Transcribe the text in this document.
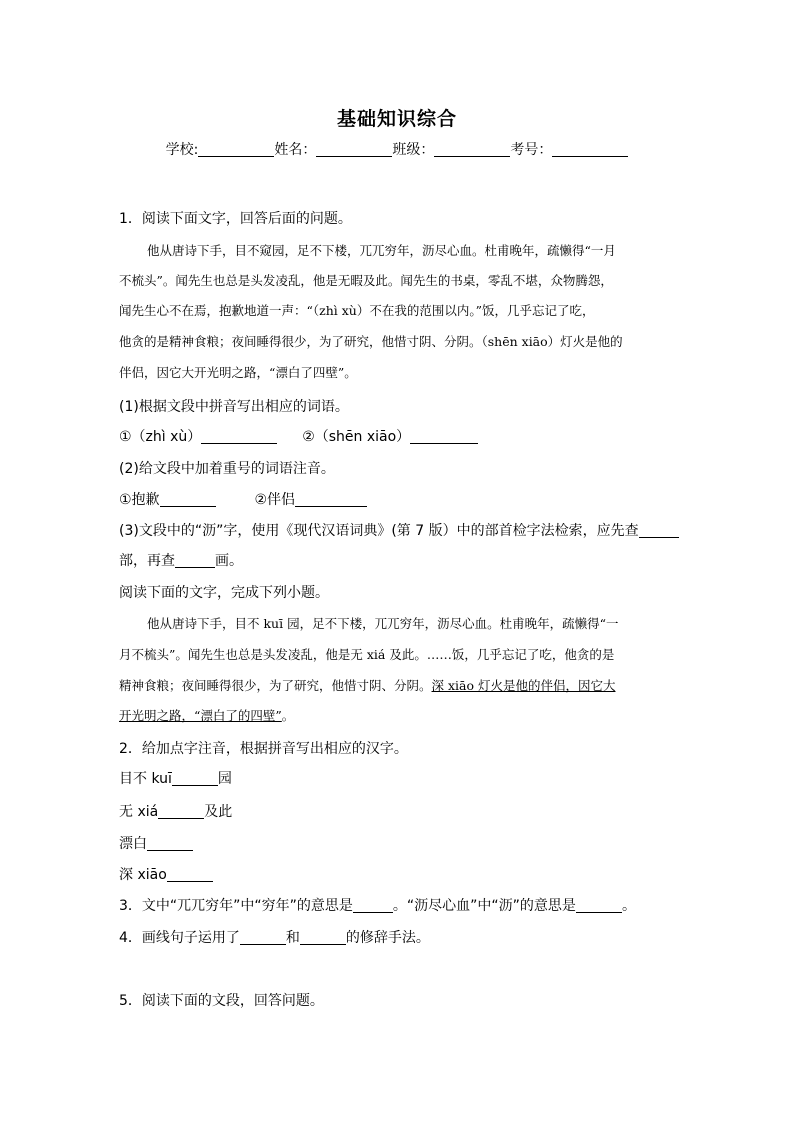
基础知识综合
学校:	姓名：	班级：	考号：
1．阅读下面文字，回答后面的问题。
他从唐诗下手，目不窥园，足不下楼，兀兀穷年，沥尽心血。杜甫晚年，疏懒得“一月
不梳头”。闻先生也总是头发凌乱，他是无暇及此。闻先生的书桌，零乱不堪，众物腾怨，
闻先生心不在焉，抱歉地道一声：“（zhì xù）不在我的范围以内。”饭，几乎忘记了吃，
他贪的是精神食粮；夜间睡得很少，为了研究，他惜寸阴、分阴。（shēn xiāo）灯火是他的
伴侣，因它大开光明之路，“漂白了四壁”。
(1)根据文段中拼音写出相应的词语。
①（zhì xù）	②（shēn xiāo）
(2)给文段中加着重号的词语注音。
①抱歉	②伴侣
(3)文段中的“沥”字，使用《现代汉语词典》(第 7 版）中的部首检字法检索，应先查
部，再查	画。
阅读下面的文字，完成下列小题。
他从唐诗下手，目不 kuī 园，足不下楼，兀兀穷年，沥尽心血。杜甫晚年，疏懒得“一
月不梳头”。闻先生也总是头发凌乱，他是无 xiá 及此。……饭，几乎忘记了吃，他贪的是
精神食粮；夜间睡得很少，为了研究，他惜寸阴、分阴。深 xiāo 灯火是他的伴侣，因它大
开光明之路，“漂白了的四壁”。
2．给加点字注音，根据拼音写出相应的汉字。
目不 kuī	园
无 xiá	及此
漂白
深 xiāo
3．文中“兀兀穷年”中“穷年”的意思是	。“沥尽心血”中“沥”的意思是	。
4．画线句子运用了	和	的修辞手法。
5．阅读下面的文段，回答问题。
